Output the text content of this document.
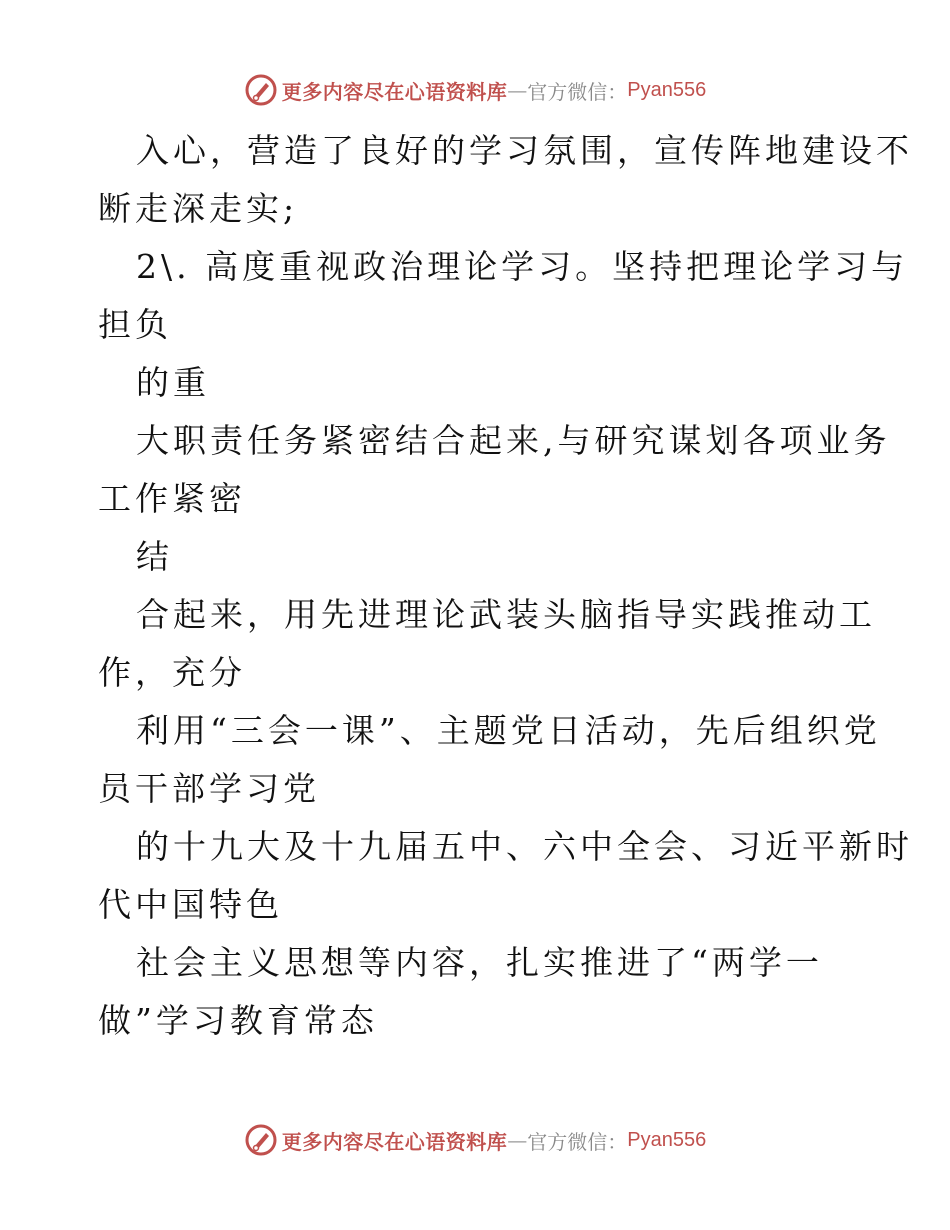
更多内容尽在心语资料库 — 官方微信： Pyan556
入心，营造了良好的学习氛围，宣传阵地建设不
断走深走实;
2\. 高度重视政治理论学习。坚持把理论学习与
担负
的重
大职责任务紧密结合起来,与研究谋划各项业务
工作紧密
结
合起来，用先进理论武装头脑指导实践推动工
作，充分
利用“三会一课”、主题党日活动，先后组织党
员干部学习党
的十九大及十九届五中、六中全会、习近平新时
代中国特色
社会主义思想等内容，扎实推进了“两学一
做”学习教育常态
更多内容尽在心语资料库 — 官方微信： Pyan556
